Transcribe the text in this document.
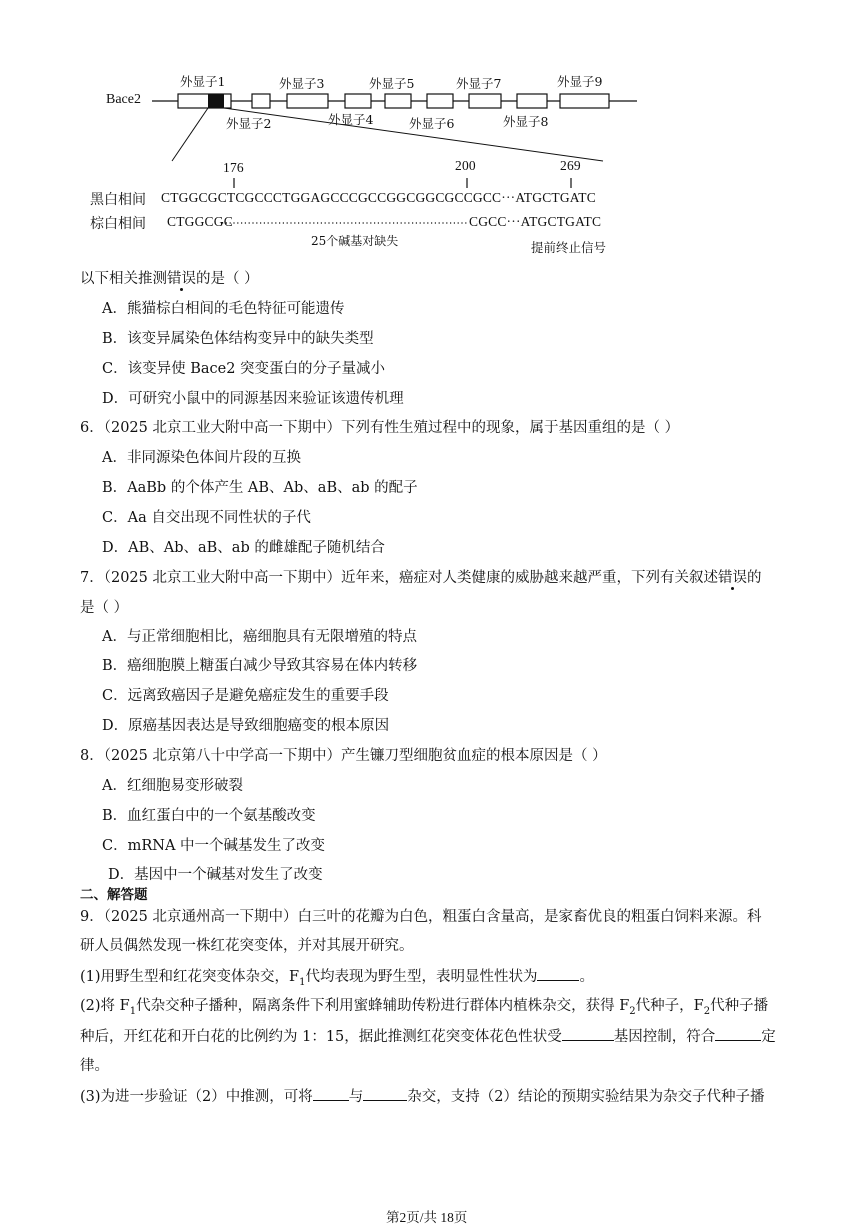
Bace2
外显子1	外显子3	外显子5	外显子7	外显子9
外显子2	外显子4	外显子6	外显子8
176	200	269
黑白相间 CTGGCGCTCGCCCTGGAGCCCGCCGGCGGCGCCGCC···ATGCTGATC
棕白相间 CTGGCGC	CGCC···ATGCTGATC
25个碱基对缺失	提前终止信号
以下相关推测错误的是（ ）
A．熊猫棕白相间的毛色特征可能遗传
B．该变异属染色体结构变异中的缺失类型
C．该变异使 Bace2 突变蛋白的分子量减小
D．可研究小鼠中的同源基因来验证该遗传机理
6．（2025 北京工业大附中高一下期中）下列有性生殖过程中的现象，属于基因重组的是（ ）
A．非同源染色体间片段的互换
B．AaBb 的个体产生 AB、Ab、aB、ab 的配子
C．Aa 自交出现不同性状的子代
D．AB、Ab、aB、ab 的雌雄配子随机结合
7．（2025 北京工业大附中高一下期中）近年来，癌症对人类健康的威胁越来越严重，下列有关叙述错误的
是（ ）
A．与正常细胞相比，癌细胞具有无限增殖的特点
B．癌细胞膜上糖蛋白减少导致其容易在体内转移
C．远离致癌因子是避免癌症发生的重要手段
D．原癌基因表达是导致细胞癌变的根本原因
8．（2025 北京第八十中学高一下期中）产生镰刀型细胞贫血症的根本原因是（ ）
A．红细胞易变形破裂
B．血红蛋白中的一个氨基酸改变
C．mRNA 中一个碱基发生了改变
D．基因中一个碱基对发生了改变
二、解答题
9．（2025 北京通州高一下期中）白三叶的花瓣为白色，粗蛋白含量高，是家畜优良的粗蛋白饲料来源。科
研人员偶然发现一株红花突变体，并对其展开研究。
(1)用野生型和红花突变体杂交，$F_1$代均表现为野生型，表明显性性状为	。
(2)将 $F_1$代杂交种子播种，隔离条件下利用蜜蜂辅助传粉进行群体内植株杂交，获得 $F_2$代种子，$F_2$代种子播
种后，开红花和开白花的比例约为 1：15，据此推测红花突变体花色性状受	基因控制，符合	定
律。
(3)为进一步验证（2）中推测，可将 与	杂交，支持（2）结论的预期实验结果为杂交子代种子播
第2页/共 18页
